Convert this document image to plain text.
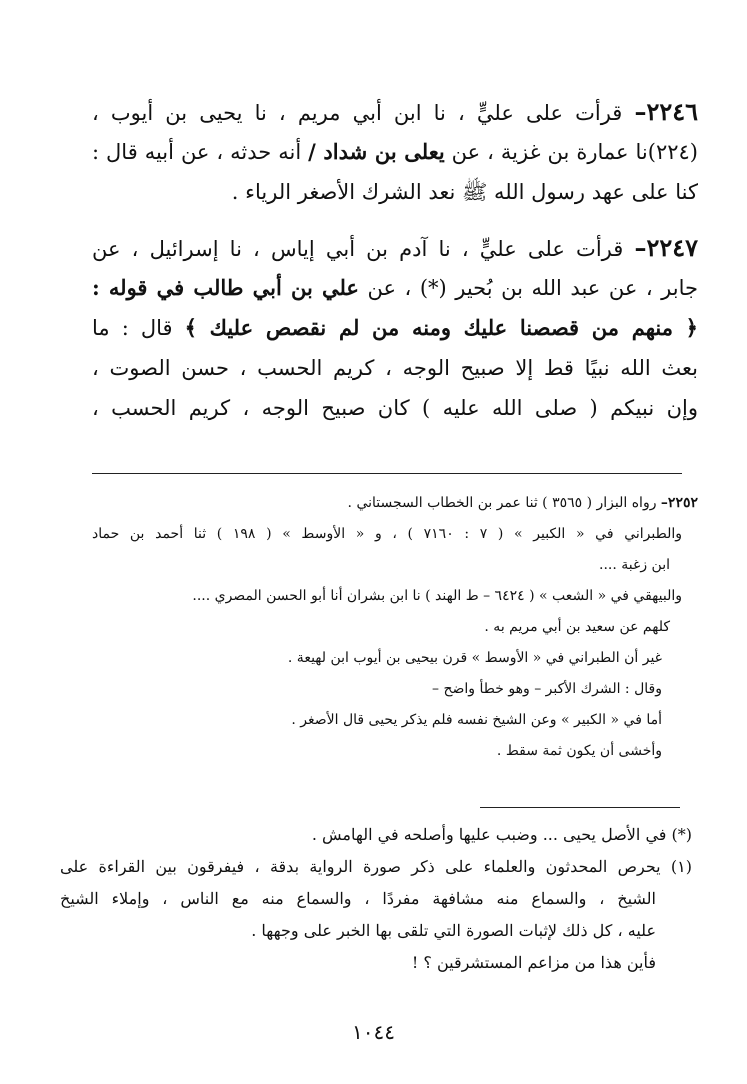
٢٢٤٦– قرأت على عليٍّ ، نا ابن أبي مريم ، نا يحيى بن أيوب ،
(٢٢٤)نا عمارة بن غزية ، عن يعلى بن شداد / أنه حدثه ، عن أبيه قال :
كنا على عهد رسول الله ﷺ نعد الشرك الأصغر الرياء .
٢٢٤٧– قرأت على عليٍّ ، نا آدم بن أبي إياس ، نا إسرائيل ، عن
جابر ، عن عبد الله بن بُحير (*) ، عن علي بن أبي طالب في قوله :
﴿ منهم من قصصنا عليك ومنه من لم نقصص عليك ﴾ قال : ما
بعث الله نبيًا قط إلا صبيح الوجه ، كريم الحسب ، حسن الصوت ،
وإن نبيكم ( صلى الله عليه ) كان صبيح الوجه ، كريم الحسب ،
٢٢٥٢– رواه البزار ( ٣٥٦٥ ) ثنا عمر بن الخطاب السجستاني .
والطبراني في « الكبير » ( ٧ : ٧١٦٠ ) ، و « الأوسط » ( ١٩٨ ) ثنا أحمد بن حماد
ابن زغبة ....
والبيهقي في « الشعب » ( ٦٤٢٤ – ط الهند ) نا ابن بشران أنا أبو الحسن المصري ....
كلهم عن سعيد بن أبي مريم به .
غير أن الطبراني في « الأوسط » قرن بيحيى بن أيوب ابن لهيعة .
وقال : الشرك الأكبر – وهو خطأ واضح –
أما في « الكبير » وعن الشيخ نفسه فلم يذكر يحيى قال الأصغر .
وأخشى أن يكون ثمة سقط .
(*) في الأصل يحيى ... وضبب عليها وأصلحه في الهامش .
(١) يحرص المحدثون والعلماء على ذكر صورة الرواية بدقة ، فيفرقون بين القراءة على
الشيخ ، والسماع منه مشافهة مفردًا ، والسماع منه مع الناس ، وإملاء الشيخ
عليه ، كل ذلك لإثبات الصورة التي تلقى بها الخبر على وجهها .
فأين هذا من مزاعم المستشرقين ؟ !
١٠٤٤
